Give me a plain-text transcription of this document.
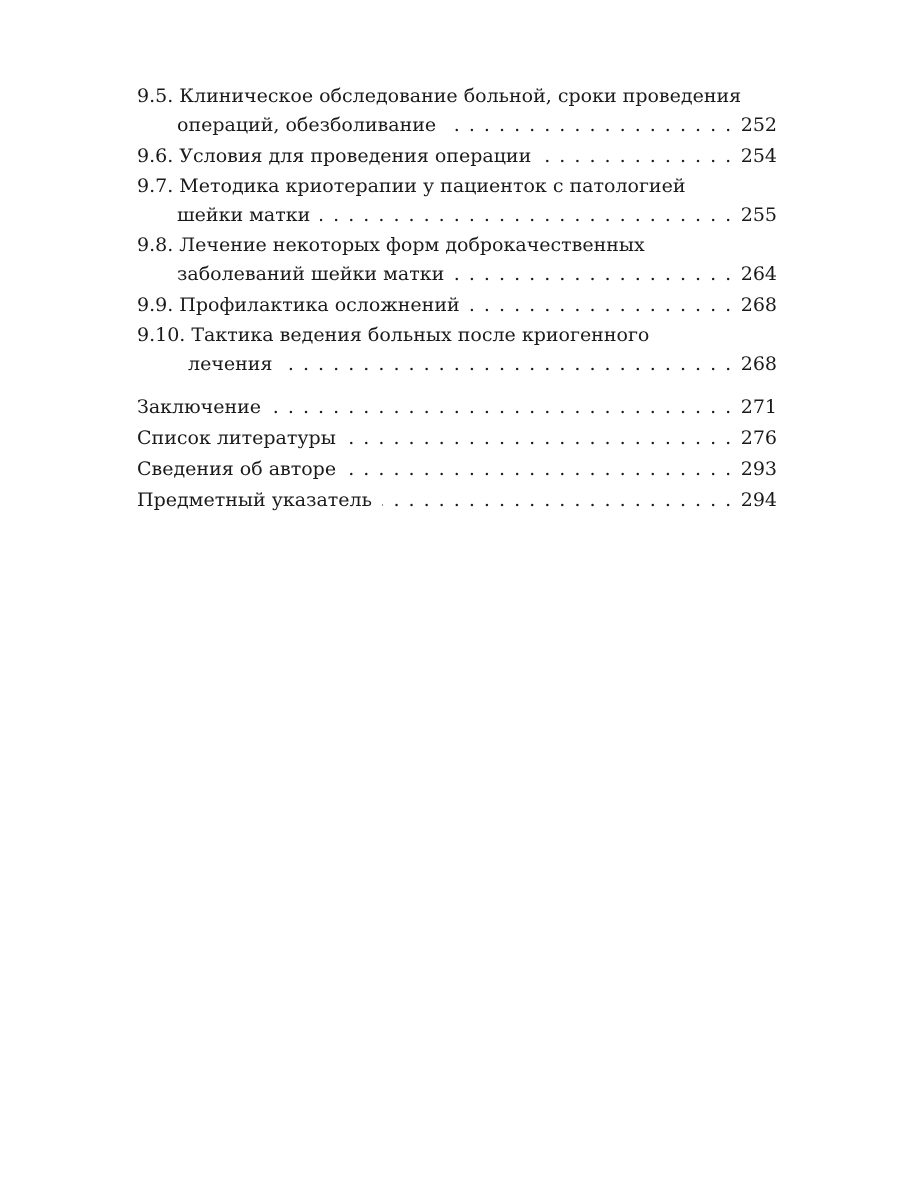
9.5. Клиническое обследование больной, сроки проведения
операций, обезболивание . . .	252
9.6. Условия для проведения операции . . .	254
9.7. Методика криотерапии у пациенток с патологией
шейки матки . . .	255
9.8. Лечение некоторых форм доброкачественных
заболеваний шейки матки . . .	264
9.9. Профилактика осложнений . . .	268
9.10. Тактика ведения больных после криогенного
лечения . . .	268
Заключение . . .	271
Список литературы . . .	276
Сведения об авторе . . .	293
Предметный указатель . . .	294
